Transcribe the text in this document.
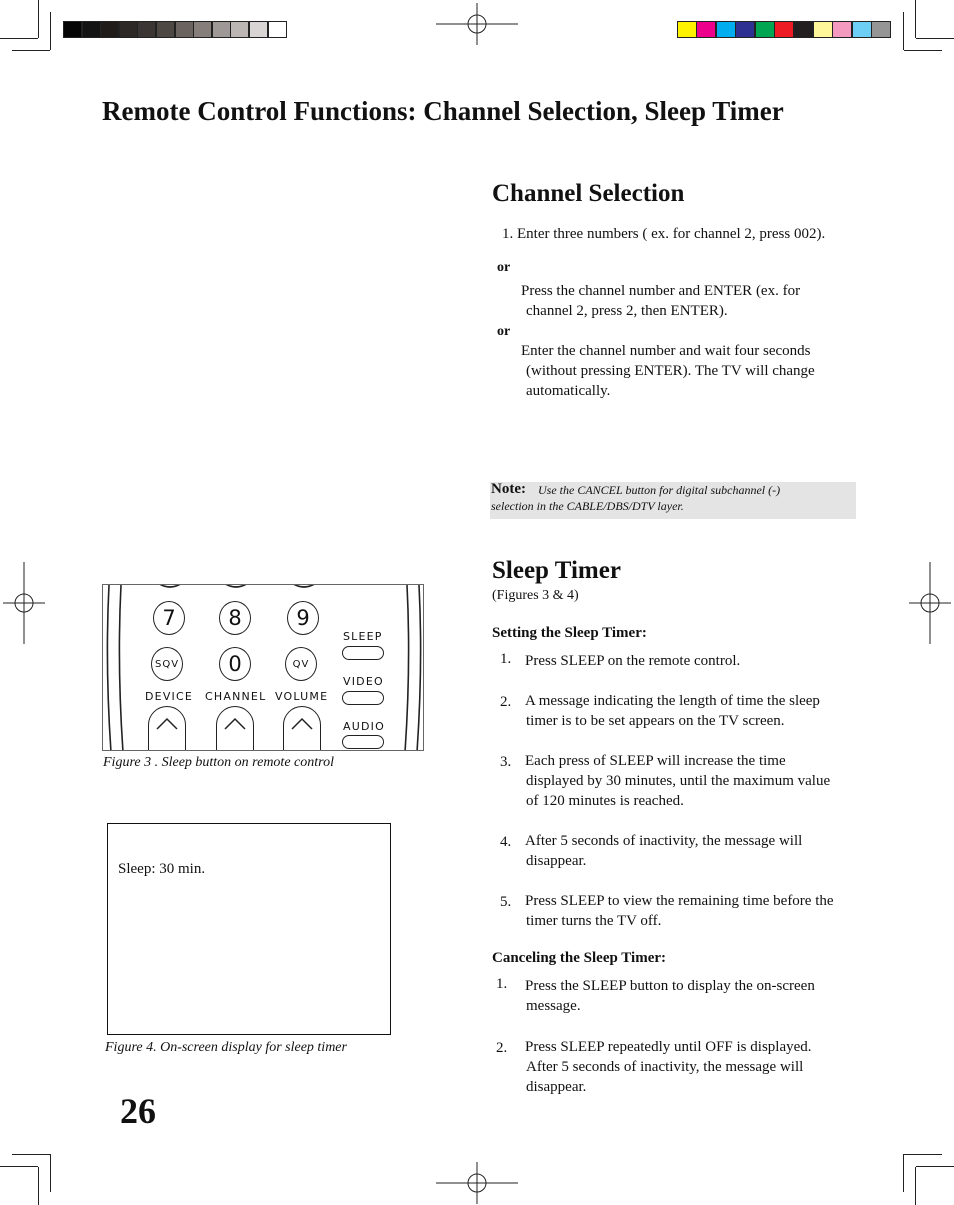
Remote Control Functions: Channel Selection, Sleep Timer
Channel Selection

1. Enter three numbers ( ex. for channel 2, press 002).

or

Press the channel number and ENTER (ex. for

channel 2, press 2, then ENTER).

or

Enter the channel number and wait four seconds

(without pressing ENTER). The TV will change

automatically.

Note: Use the CANCEL button for digital subchannel (-)
selection in the CABLE/DBS/DTV layer.
Sleep Timer

(Figures 3 & 4)

Setting the Sleep Timer:

1. Press SLEEP on the remote control.

2. A message indicating the length of time the sleep

timer is to be set appears on the TV screen.

3. Each press of SLEEP will increase the time

displayed by 30 minutes, until the maximum value

of 120 minutes is reached.

4. After 5 seconds of inactivity, the message will

disappear.

5. Press SLEEP to view the remaining time before the

timer turns the TV off.

Canceling the Sleep Timer:

1. Press the SLEEP button to display the on-screen

message.

2. Press SLEEP repeatedly until OFF is displayed.

After 5 seconds of inactivity, the message will

disappear.

7	8	9
SQV	0	QV
SLEEP
VIDEO
AUDIO
DEVICE CHANNEL VOLUME
Figure 3 . Sleep button on remote control
Sleep: 30 min.
Figure 4. On-screen display for sleep timer
26
